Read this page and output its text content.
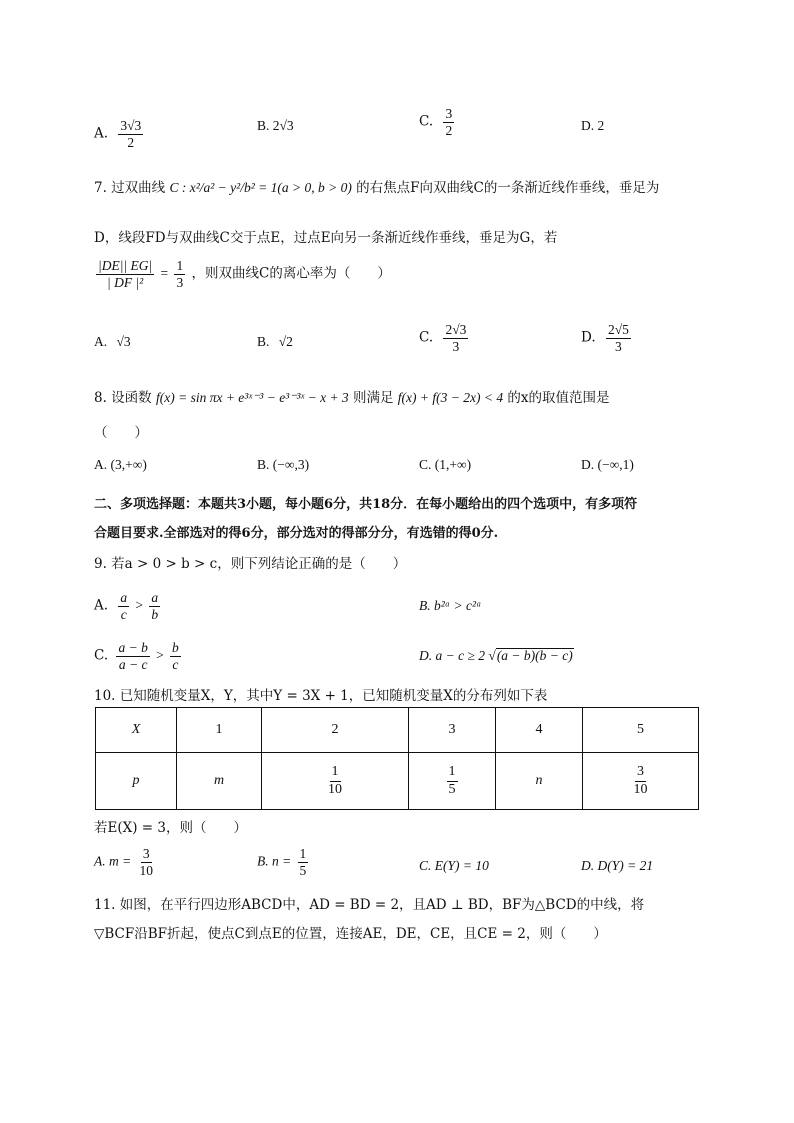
A. $\frac{3√3}{2}$	B. 2√3	C. $\frac{3}{2}$	D. 2
7. 过双曲线 C : x²/a² − y²/b² = 1(a > 0, b > 0) 的右焦点F向双曲线C的一条渐近线作垂线，垂足为
D，线段FD与双曲线C交于点E，过点E向另一条渐近线作垂线，垂足为G，若
$\frac{|DE|| EG|}{\text{| DF |²}} = \frac{1}{3}$ ，则双曲线C的离心率为（　　）
A. √3	B. √2	C. $\frac{2√3}{3}$	D. $\frac{2√5}{3}$
8. 设函数 f(x) = sin πx + e³ˣ⁻³ − e³⁻³ˣ − x + 3 则满足 f(x) + f(3 − 2x) < 4 的x的取值范围是
（　　）
A. (3,+∞)	B. (−∞,3)	C. (1,+∞)	D. (−∞,1)
二、多项选择题：本题共3小题，每小题6分，共18分．在每小题给出的四个选项中，有多项符
合题目要求.全部选对的得6分，部分选对的得部分分，有选错的得0分.
9. 若a > 0 > b > c，则下列结论正确的是（　　）
A. $\frac{a}{c} > \frac{a}{b}$	B. b²ᵃ > c²ᵃ
C. $\frac{a - b}{a - c} > \frac{b}{c}$	D. a − c ≥ 2 √(a − b)(b − c)
10. 已知随机变量X，Y，其中Y = 3X + 1，已知随机变量X的分布列如下表
X	1	2	3	4	5
p	m	$\frac{1}{10}$	$\frac{1}{5}$	n	$\frac{3}{10}$
若E(X) = 3，则（　　）
A. $m = \frac{3}{10}$	B. $n = \frac{1}{5}$	C. E(Y) = 10	D. D(Y) = 21
11. 如图，在平行四边形ABCD中，AD = BD = 2，且AD ⊥ BD，BF为△BCD的中线，将
▽BCF沿BF折起，使点C到点E的位置，连接AE，DE，CE，且CE = 2，则（　　）
